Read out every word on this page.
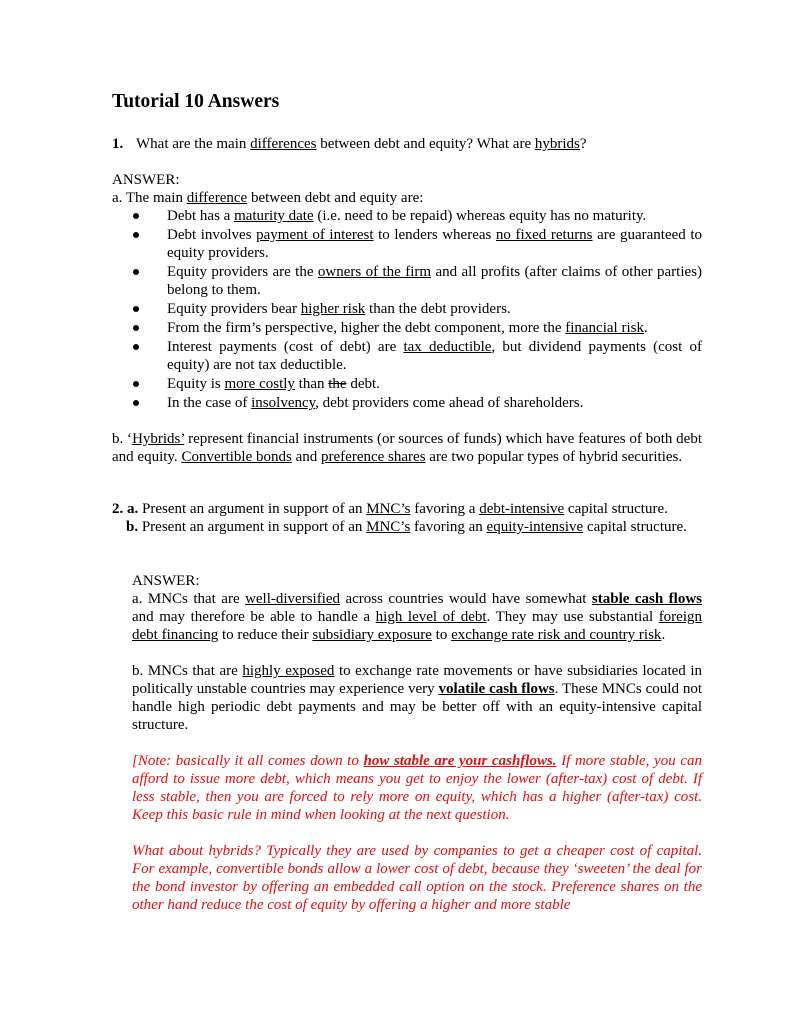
Tutorial 10 Answers

1. What are the main differences between debt and equity? What are hybrids?

ANSWER:

a. The main difference between debt and equity are:

Debt has a maturity date (i.e. need to be repaid) whereas equity has no maturity.
Debt involves payment of interest to lenders whereas no fixed returns are guaranteed to equity providers.
Equity providers are the owners of the firm and all profits (after claims of other parties) belong to them.
Equity providers bear higher risk than the debt providers.
From the firm’s perspective, higher the debt component, more the financial risk.
Interest payments (cost of debt) are tax deductible, but dividend payments (cost of equity) are not tax deductible.
Equity is more costly than the debt.
In the case of insolvency, debt providers come ahead of shareholders.

b. ‘Hybrids’ represent financial instruments (or sources of funds) which have features of both debt and equity. Convertible bonds and preference shares are two popular types of hybrid securities.

2. a. Present an argument in support of an MNC’s favoring a debt-intensive capital structure.

b. Present an argument in support of an MNC’s favoring an equity-intensive capital structure.

ANSWER:

a. MNCs that are well-diversified across countries would have somewhat stable cash flows and may therefore be able to handle a high level of debt. They may use substantial foreign debt financing to reduce their subsidiary exposure to exchange rate risk and country risk.

b. MNCs that are highly exposed to exchange rate movements or have subsidiaries located in politically unstable countries may experience very volatile cash flows. These MNCs could not handle high periodic debt payments and may be better off with an equity-intensive capital structure.

[Note: basically it all comes down to how stable are your cashflows. If more stable, you can afford to issue more debt, which means you get to enjoy the lower (after-tax) cost of debt. If less stable, then you are forced to rely more on equity, which has a higher (after-tax) cost. Keep this basic rule in mind when looking at the next question.

What about hybrids? Typically they are used by companies to get a cheaper cost of capital. For example, convertible bonds allow a lower cost of debt, because they ‘sweeten’ the deal for the bond investor by offering an embedded call option on the stock. Preference shares on the other hand reduce the cost of equity by offering a higher and more stable
